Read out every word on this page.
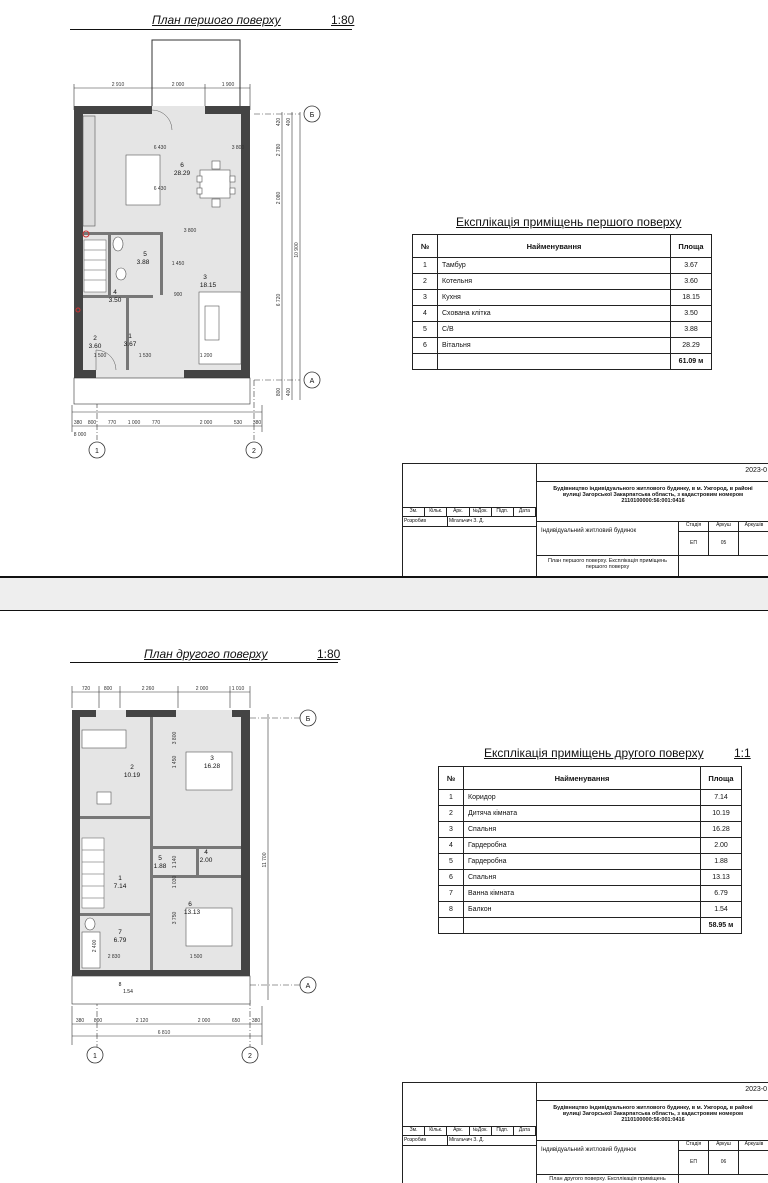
План першого поверху	1:80
1	2
Б
А
2 910	2 000	1 900
380 800 770 1 000 770	2 000	530 380
8 000
6 430
6 430
3 800
1 450
3 800
900
1 500	1 530	1 200
420 400
2 780
2 080
10 900
6 720
800 400
6
28.29
3
18.15
5
3.88
4
3.50
2
3.60
1
3.67
Експлікація приміщень першого поверху
№	Найменування	Площа
1	Тамбур	3.67
2	Котельня	3.60
3	Кухня	18.15
4	Схована клітка	3.50
5	С/В	3.88
6	Вітальня	28.29
		61.09 м
2023-0
Будівництво індивідуального житлового будинку, в м. Ужгород, в районі вулиці Загорської Закарпатська область, з кадастровим номером 2110100000:56:001:0416
Зм.	Кільк.	Арк.	№Док.	Підп.	Дата
Розробив	Мігальчич З. Д.
Індивідуальний житловий будинок
Стадія	Аркуш	Аркушів
ЕП	05
План першого поверху. Експлікація приміщень першого поверху
План другого поверху	1:80
1	2
Б
А
720	800	2 260	2 000	1 010
380 800	2 120	2 000	650 380
6 810
11 700
1 450
3 800
1 140
1 030
3 750
2 830	1 500
2 400
2
10.19
3
16.28
4
2.00
5
1.88
1
7.14
6
13.13
7
6.79
8
1.54
Експлікація приміщень другого поверху	1:1
№	Найменування	Площа
1	Коридор	7.14
2	Дитяча кімната	10.19
3	Спальня	16.28
4	Гардеробна	2.00
5	Гардеробна	1.88
6	Спальня	13.13
7	Ванна кімната	6.79
8	Балкон	1.54
		58.95 м
2023-0
Будівництво індивідуального житлового будинку, в м. Ужгород, в районі вулиці Загорської Закарпатська область, з кадастровим номером 2110100000:56:001:0416
Зм.	Кільк.	Арк.	№Док.	Підп.	Дата
Розробив	Мігальчич З. Д.
Індивідуальний житловий будинок
Стадія	Аркуш	Аркушів
ЕП	06
План другого поверху. Експлікація приміщень
